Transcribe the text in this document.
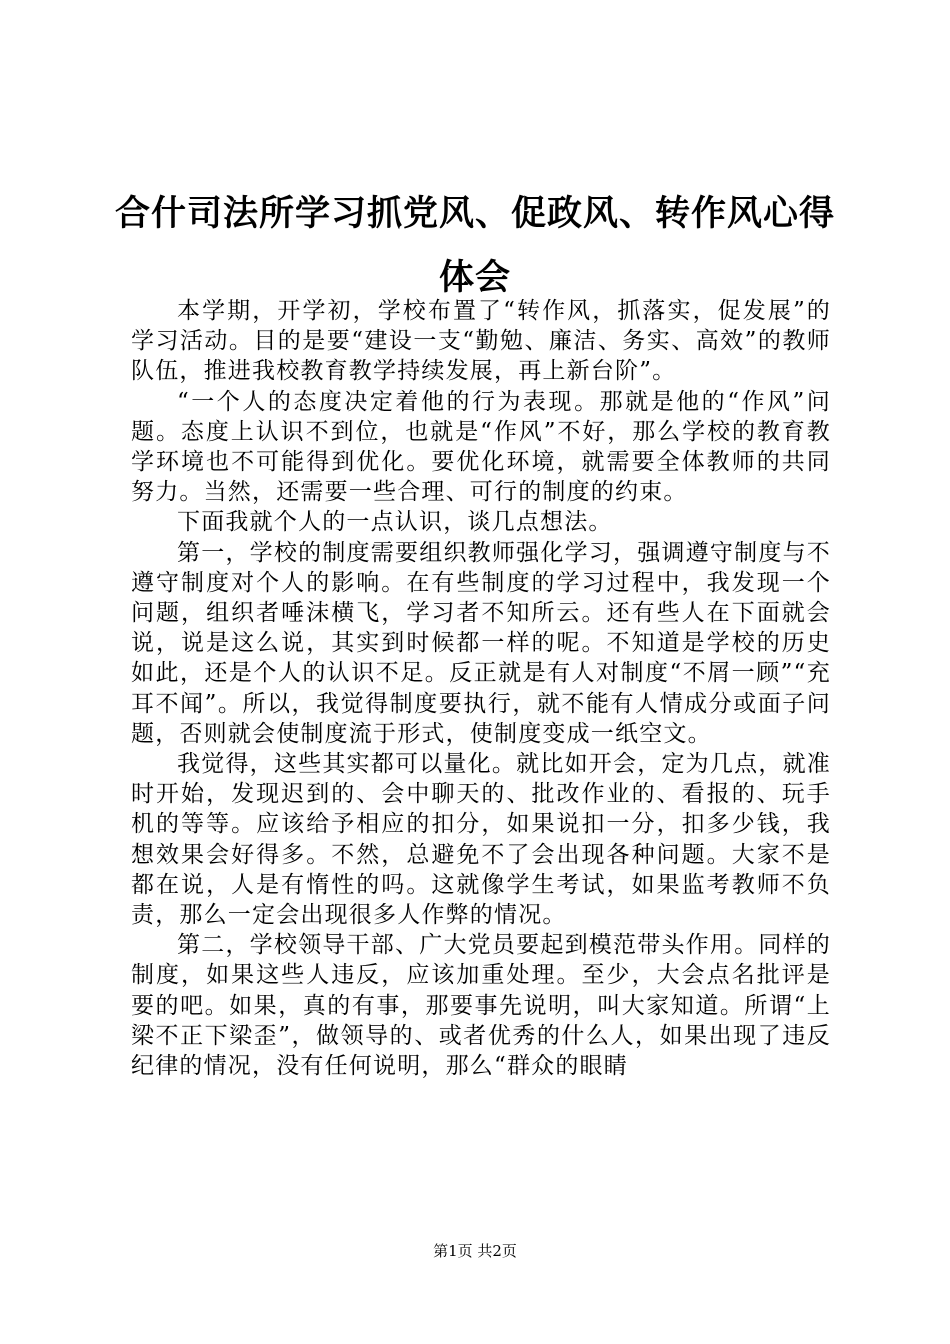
合什司法所学习抓党风、促政风、转作风心得体会

本学期，开学初，学校布置了“转作风，抓落实，促发展”的学习活动。目的是要“建设一支“勤勉、廉洁、务实、高效”的教师队伍，推进我校教育教学持续发展，再上新台阶”。

“一个人的态度决定着他的行为表现。那就是他的“作风”问题。态度上认识不到位，也就是“作风”不好，那么学校的教育教学环境也不可能得到优化。要优化环境，就需要全体教师的共同努力。当然，还需要一些合理、可行的制度的约束。

下面我就个人的一点认识，谈几点想法。

第一，学校的制度需要组织教师强化学习，强调遵守制度与不遵守制度对个人的影响。在有些制度的学习过程中，我发现一个问题，组织者唾沫横飞，学习者不知所云。还有些人在下面就会说，说是这么说，其实到时候都一样的呢。不知道是学校的历史如此，还是个人的认识不足。反正就是有人对制度“不屑一顾”“充耳不闻”。所以，我觉得制度要执行，就不能有人情成分或面子问题，否则就会使制度流于形式，使制度变成一纸空文。

我觉得，这些其实都可以量化。就比如开会，定为几点，就准时开始，发现迟到的、会中聊天的、批改作业的、看报的、玩手机的等等。应该给予相应的扣分，如果说扣一分，扣多少钱，我想效果会好得多。不然，总避免不了会出现各种问题。大家不是都在说，人是有惰性的吗。这就像学生考试，如果监考教师不负责，那么一定会出现很多人作弊的情况。

第二，学校领导干部、广大党员要起到模范带头作用。同样的制度，如果这些人违反，应该加重处理。至少，大会点名批评是要的吧。如果，真的有事，那要事先说明，叫大家知道。所谓“上梁不正下梁歪”，做领导的、或者优秀的什么人，如果出现了违反纪律的情况，没有任何说明，那么“群众的眼睛

第1页 共2页
